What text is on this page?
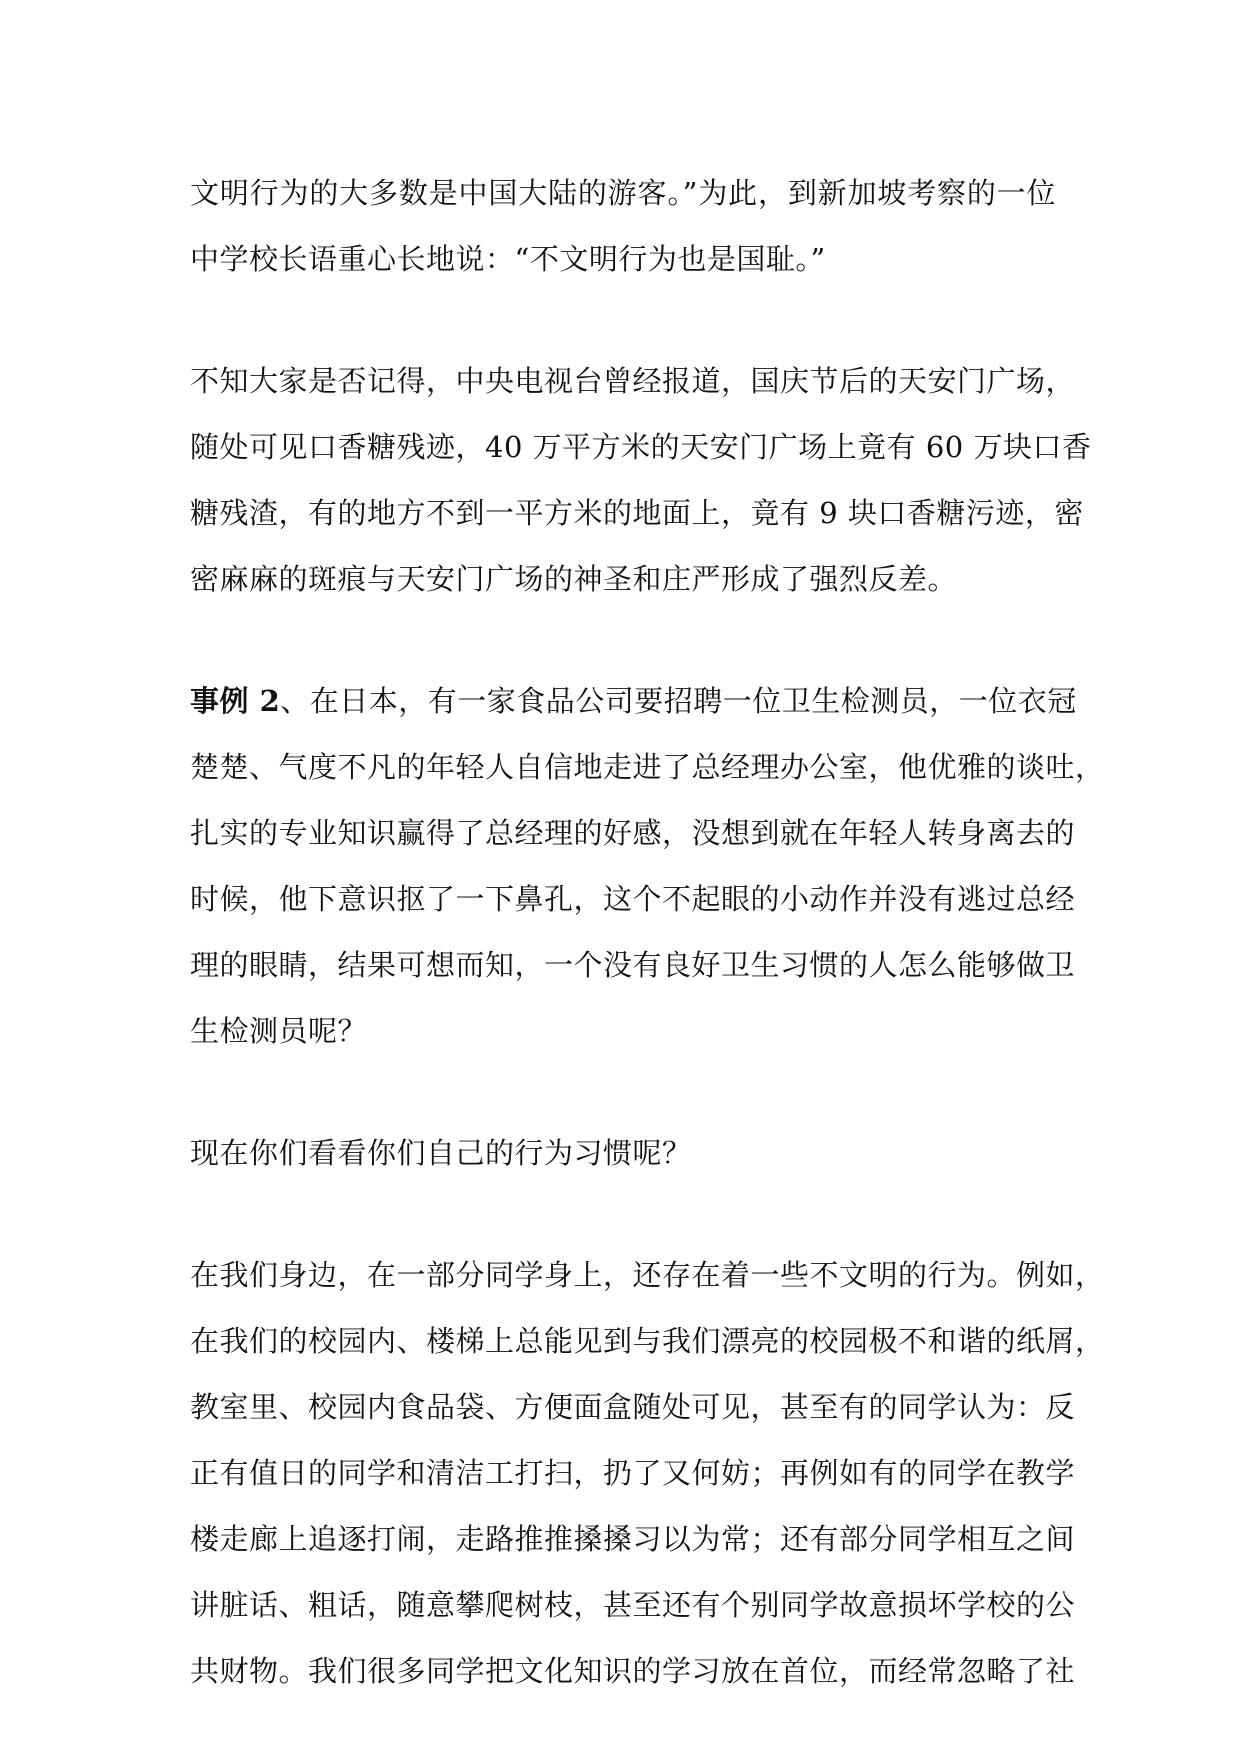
文明行为的大多数是中国大陆的游客。”为此，到新加坡考察的一位
中学校长语重心长地说：“不文明行为也是国耻。”
不知大家是否记得，中央电视台曾经报道，国庆节后的天安门广场，
随处可见口香糖残迹，40 万平方米的天安门广场上竟有 60 万块口香
糖残渣，有的地方不到一平方米的地面上，竟有 9 块口香糖污迹，密
密麻麻的斑痕与天安门广场的神圣和庄严形成了强烈反差。
事例 2、在日本，有一家食品公司要招聘一位卫生检测员，一位衣冠
楚楚、气度不凡的年轻人自信地走进了总经理办公室，他优雅的谈吐，
扎实的专业知识赢得了总经理的好感，没想到就在年轻人转身离去的
时候，他下意识抠了一下鼻孔，这个不起眼的小动作并没有逃过总经
理的眼睛，结果可想而知，一个没有良好卫生习惯的人怎么能够做卫
生检测员呢？
现在你们看看你们自己的行为习惯呢？
在我们身边，在一部分同学身上，还存在着一些不文明的行为。例如，
在我们的校园内、楼梯上总能见到与我们漂亮的校园极不和谐的纸屑，
教室里、校园内食品袋、方便面盒随处可见，甚至有的同学认为：反
正有值日的同学和清洁工打扫，扔了又何妨；再例如有的同学在教学
楼走廊上追逐打闹，走路推推搡搡习以为常；还有部分同学相互之间
讲脏话、粗话，随意攀爬树枝，甚至还有个别同学故意损坏学校的公
共财物。我们很多同学把文化知识的学习放在首位，而经常忽略了社
